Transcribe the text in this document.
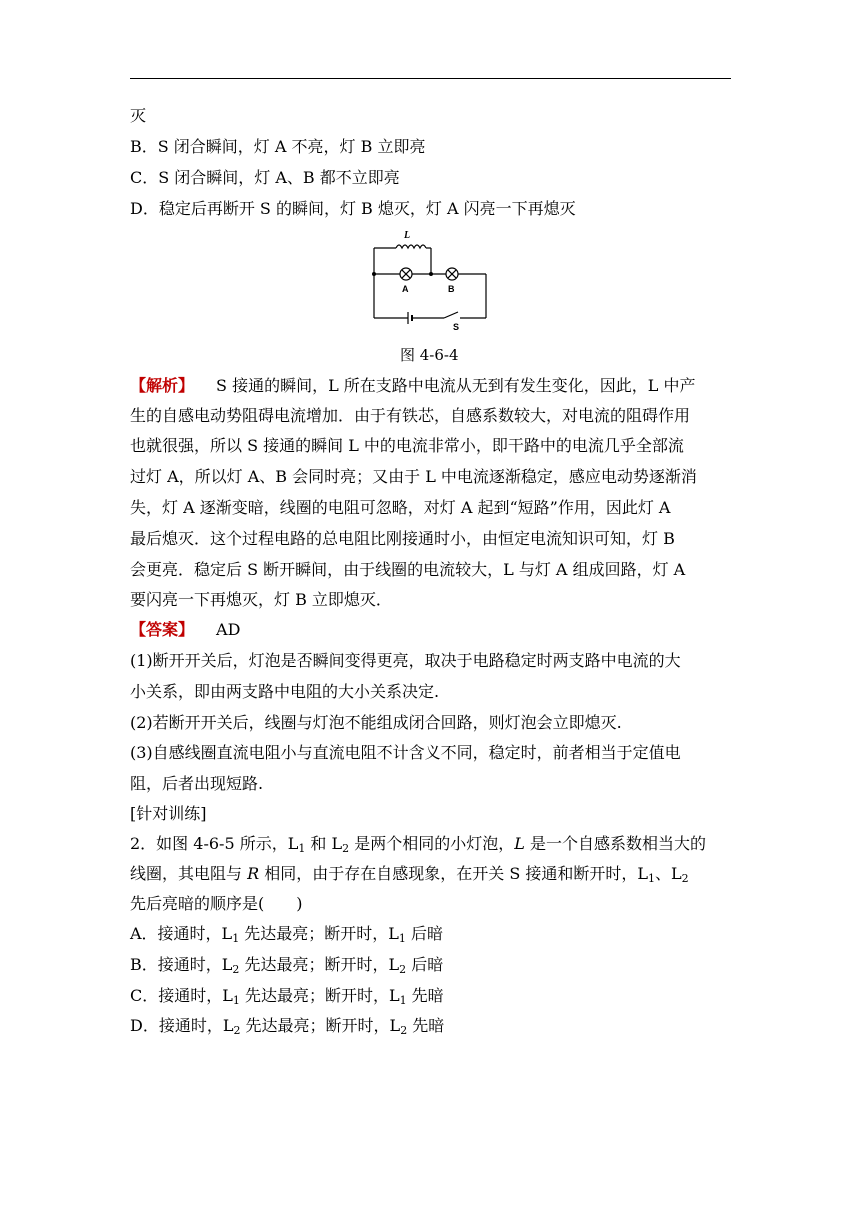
灭
B．S 闭合瞬间，灯 A 不亮，灯 B 立即亮
C．S 闭合瞬间，灯 A、B 都不立即亮
D．稳定后再断开 S 的瞬间，灯 B 熄灭，灯 A 闪亮一下再熄灭
L
A	B
S
图 4-6-4
【解析】 S 接通的瞬间，L 所在支路中电流从无到有发生变化，因此，L 中产
生的自感电动势阻碍电流增加．由于有铁芯，自感系数较大，对电流的阻碍作用
也就很强，所以 S 接通的瞬间 L 中的电流非常小，即干路中的电流几乎全部流
过灯 A，所以灯 A、B 会同时亮；又由于 L 中电流逐渐稳定，感应电动势逐渐消
失，灯 A 逐渐变暗，线圈的电阻可忽略，对灯 A 起到“短路”作用，因此灯 A
最后熄灭．这个过程电路的总电阻比刚接通时小，由恒定电流知识可知，灯 B
会更亮．稳定后 S 断开瞬间，由于线圈的电流较大，L 与灯 A 组成回路，灯 A
要闪亮一下再熄灭，灯 B 立即熄灭．
【答案】 AD
(1)断开开关后，灯泡是否瞬间变得更亮，取决于电路稳定时两支路中电流的大
小关系，即由两支路中电阻的大小关系决定.
(2)若断开开关后，线圈与灯泡不能组成闭合回路，则灯泡会立即熄灭.
(3)自感线圈直流电阻小与直流电阻不计含义不同，稳定时，前者相当于定值电
阻，后者出现短路.
[针对训练]
2．如图 4-6-5 所示，$L_1$ 和 $L_2$ 是两个相同的小灯泡，L 是一个自感系数相当大的
线圈，其电阻与 R 相同，由于存在自感现象，在开关 S 接通和断开时，$L_1$、$L_2$
先后亮暗的顺序是(　　)
A．接通时，$L_1$ 先达最亮；断开时，$L_1$ 后暗
B．接通时，$L_2$ 先达最亮；断开时，$L_2$ 后暗
C．接通时，$L_1$ 先达最亮；断开时，$L_1$ 先暗
D．接通时，$L_2$ 先达最亮；断开时，$L_2$ 先暗
